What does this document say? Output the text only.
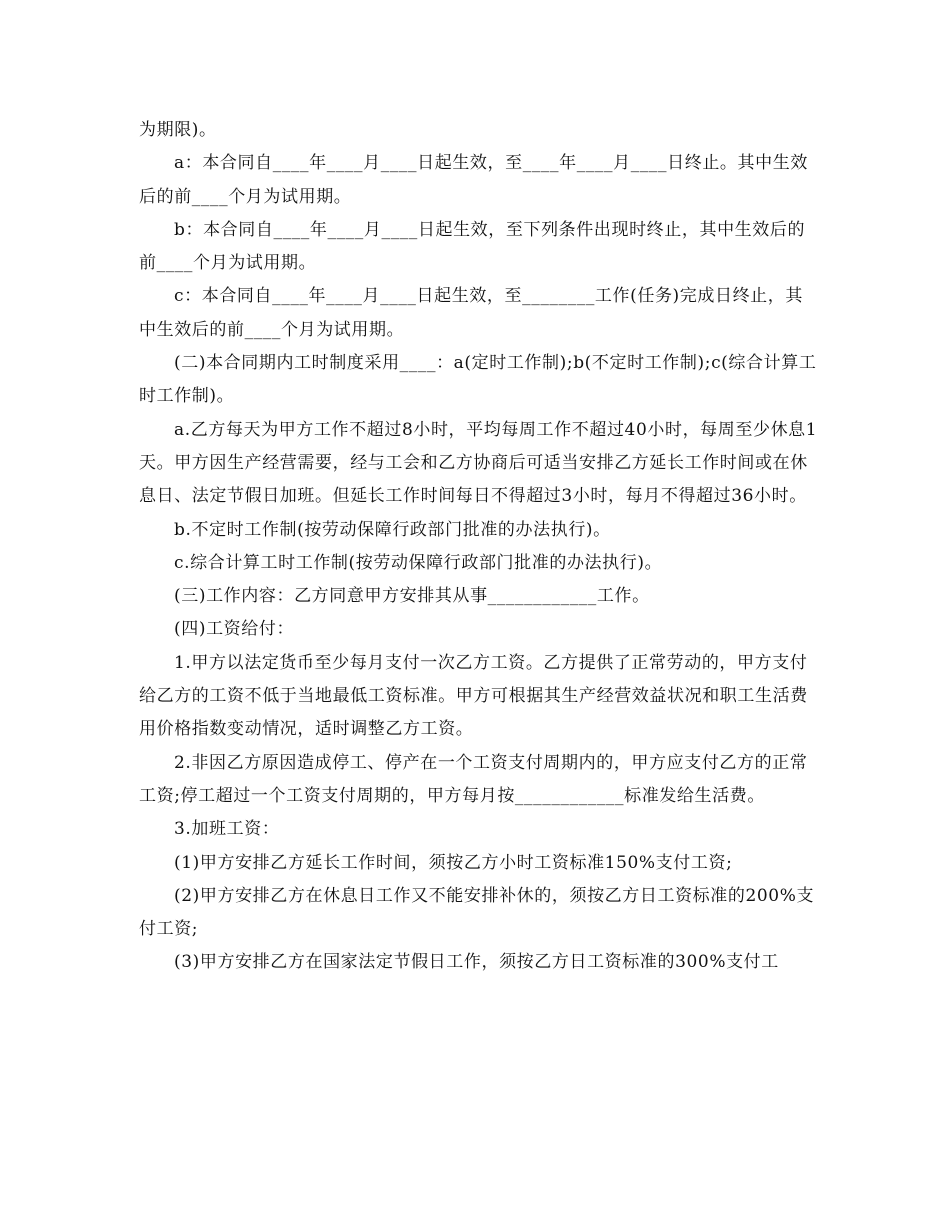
为期限)。

a：本合同自____年____月____日起生效，至____年____月____日终止。其中生效后的前____个月为试用期。

b：本合同自____年____月____日起生效，至下列条件出现时终止，其中生效后的前____个月为试用期。

c：本合同自____年____月____日起生效，至________工作(任务)完成日终止，其中生效后的前____个月为试用期。

(二)本合同期内工时制度采用____：a(定时工作制);b(不定时工作制);c(综合计算工时工作制)。

a.乙方每天为甲方工作不超过8小时，平均每周工作不超过40小时，每周至少休息1天。甲方因生产经营需要，经与工会和乙方协商后可适当安排乙方延长工作时间或在休息日、法定节假日加班。但延长工作时间每日不得超过3小时，每月不得超过36小时。

b.不定时工作制(按劳动保障行政部门批准的办法执行)。

c.综合计算工时工作制(按劳动保障行政部门批准的办法执行)。

(三)工作内容：乙方同意甲方安排其从事____________工作。

(四)工资给付：

1.甲方以法定货币至少每月支付一次乙方工资。乙方提供了正常劳动的，甲方支付给乙方的工资不低于当地最低工资标准。甲方可根据其生产经营效益状况和职工生活费用价格指数变动情况，适时调整乙方工资。

2.非因乙方原因造成停工、停产在一个工资支付周期内的，甲方应支付乙方的正常工资;停工超过一个工资支付周期的，甲方每月按____________标准发给生活费。

3.加班工资：

(1)甲方安排乙方延长工作时间，须按乙方小时工资标准150%支付工资;

(2)甲方安排乙方在休息日工作又不能安排补休的，须按乙方日工资标准的200%支付工资;

(3)甲方安排乙方在国家法定节假日工作，须按乙方日工资标准的300%支付工
